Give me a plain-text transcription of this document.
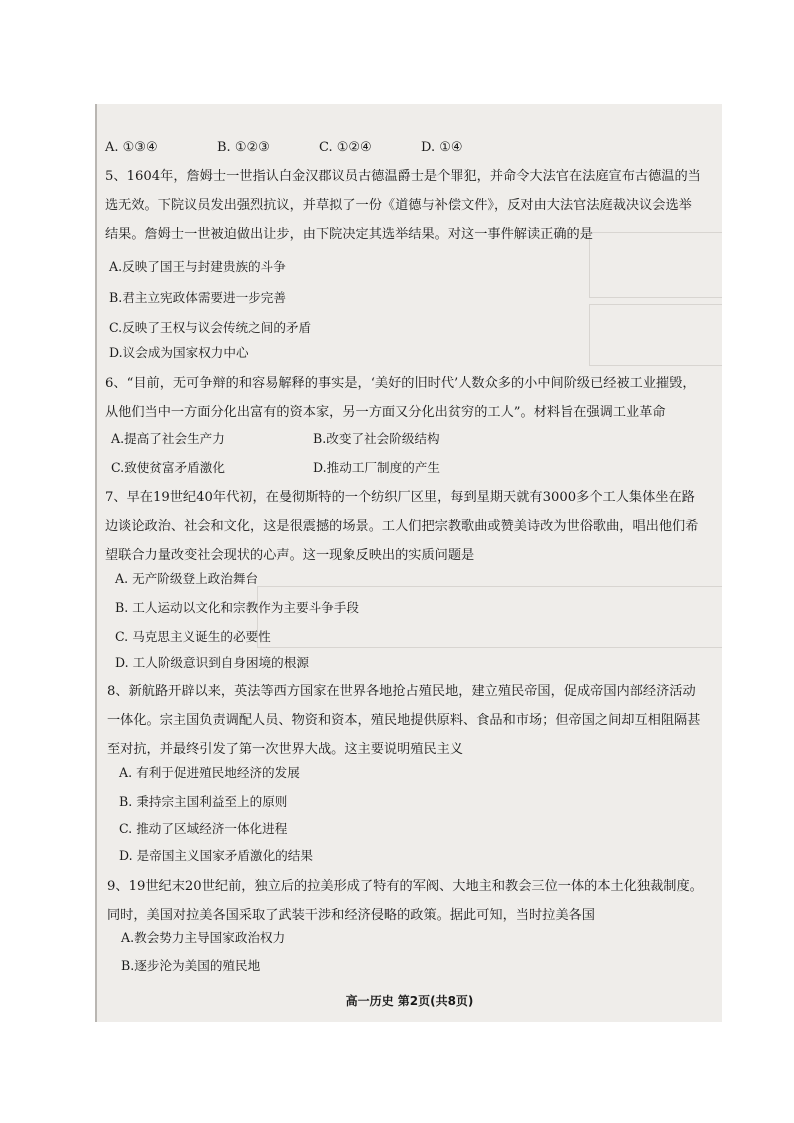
A. ①③④	B. ①②③	C. ①②④	D. ①④

5、1604年，詹姆士一世指认白金汉郡议员古德温爵士是个罪犯，并命令大法官在法庭宣布古德温的当

选无效。下院议员发出强烈抗议，并草拟了一份《道德与补偿文件》，反对由大法官法庭裁决议会选举

结果。詹姆士一世被迫做出让步，由下院决定其选举结果。对这一事件解读正确的是

A.反映了国王与封建贵族的斗争
B.君主立宪政体需要进一步完善
C.反映了王权与议会传统之间的矛盾
D.议会成为国家权力中心

6、“目前，无可争辩的和容易解释的事实是，‘美好的旧时代’人数众多的小中间阶级已经被工业摧毁，

从他们当中一方面分化出富有的资本家，另一方面又分化出贫穷的工人”。材料旨在强调工业革命

A.提高了社会生产力	B.改变了社会阶级结构
C.致使贫富矛盾激化	D.推动工厂制度的产生

7、早在19世纪40年代初，在曼彻斯特的一个纺织厂区里，每到星期天就有3000多个工人集体坐在路

边谈论政治、社会和文化，这是很震撼的场景。工人们把宗教歌曲或赞美诗改为世俗歌曲，唱出他们希

望联合力量改变社会现状的心声。这一现象反映出的实质问题是

A. 无产阶级登上政治舞台
B. 工人运动以文化和宗教作为主要斗争手段
C. 马克思主义诞生的必要性
D. 工人阶级意识到自身困境的根源

8、新航路开辟以来，英法等西方国家在世界各地抢占殖民地，建立殖民帝国，促成帝国内部经济活动

一体化。宗主国负责调配人员、物资和资本，殖民地提供原料、食品和市场；但帝国之间却互相阻隔甚

至对抗，并最终引发了第一次世界大战。这主要说明殖民主义

A. 有利于促进殖民地经济的发展
B. 秉持宗主国利益至上的原则
C. 推动了区域经济一体化进程
D. 是帝国主义国家矛盾激化的结果

9、19世纪末20世纪前，独立后的拉美形成了特有的军阀、大地主和教会三位一体的本土化独裁制度。

同时，美国对拉美各国采取了武装干涉和经济侵略的政策。据此可知，当时拉美各国

A.教会势力主导国家政治权力
B.逐步沦为美国的殖民地
高一历史 第2页(共8页)
